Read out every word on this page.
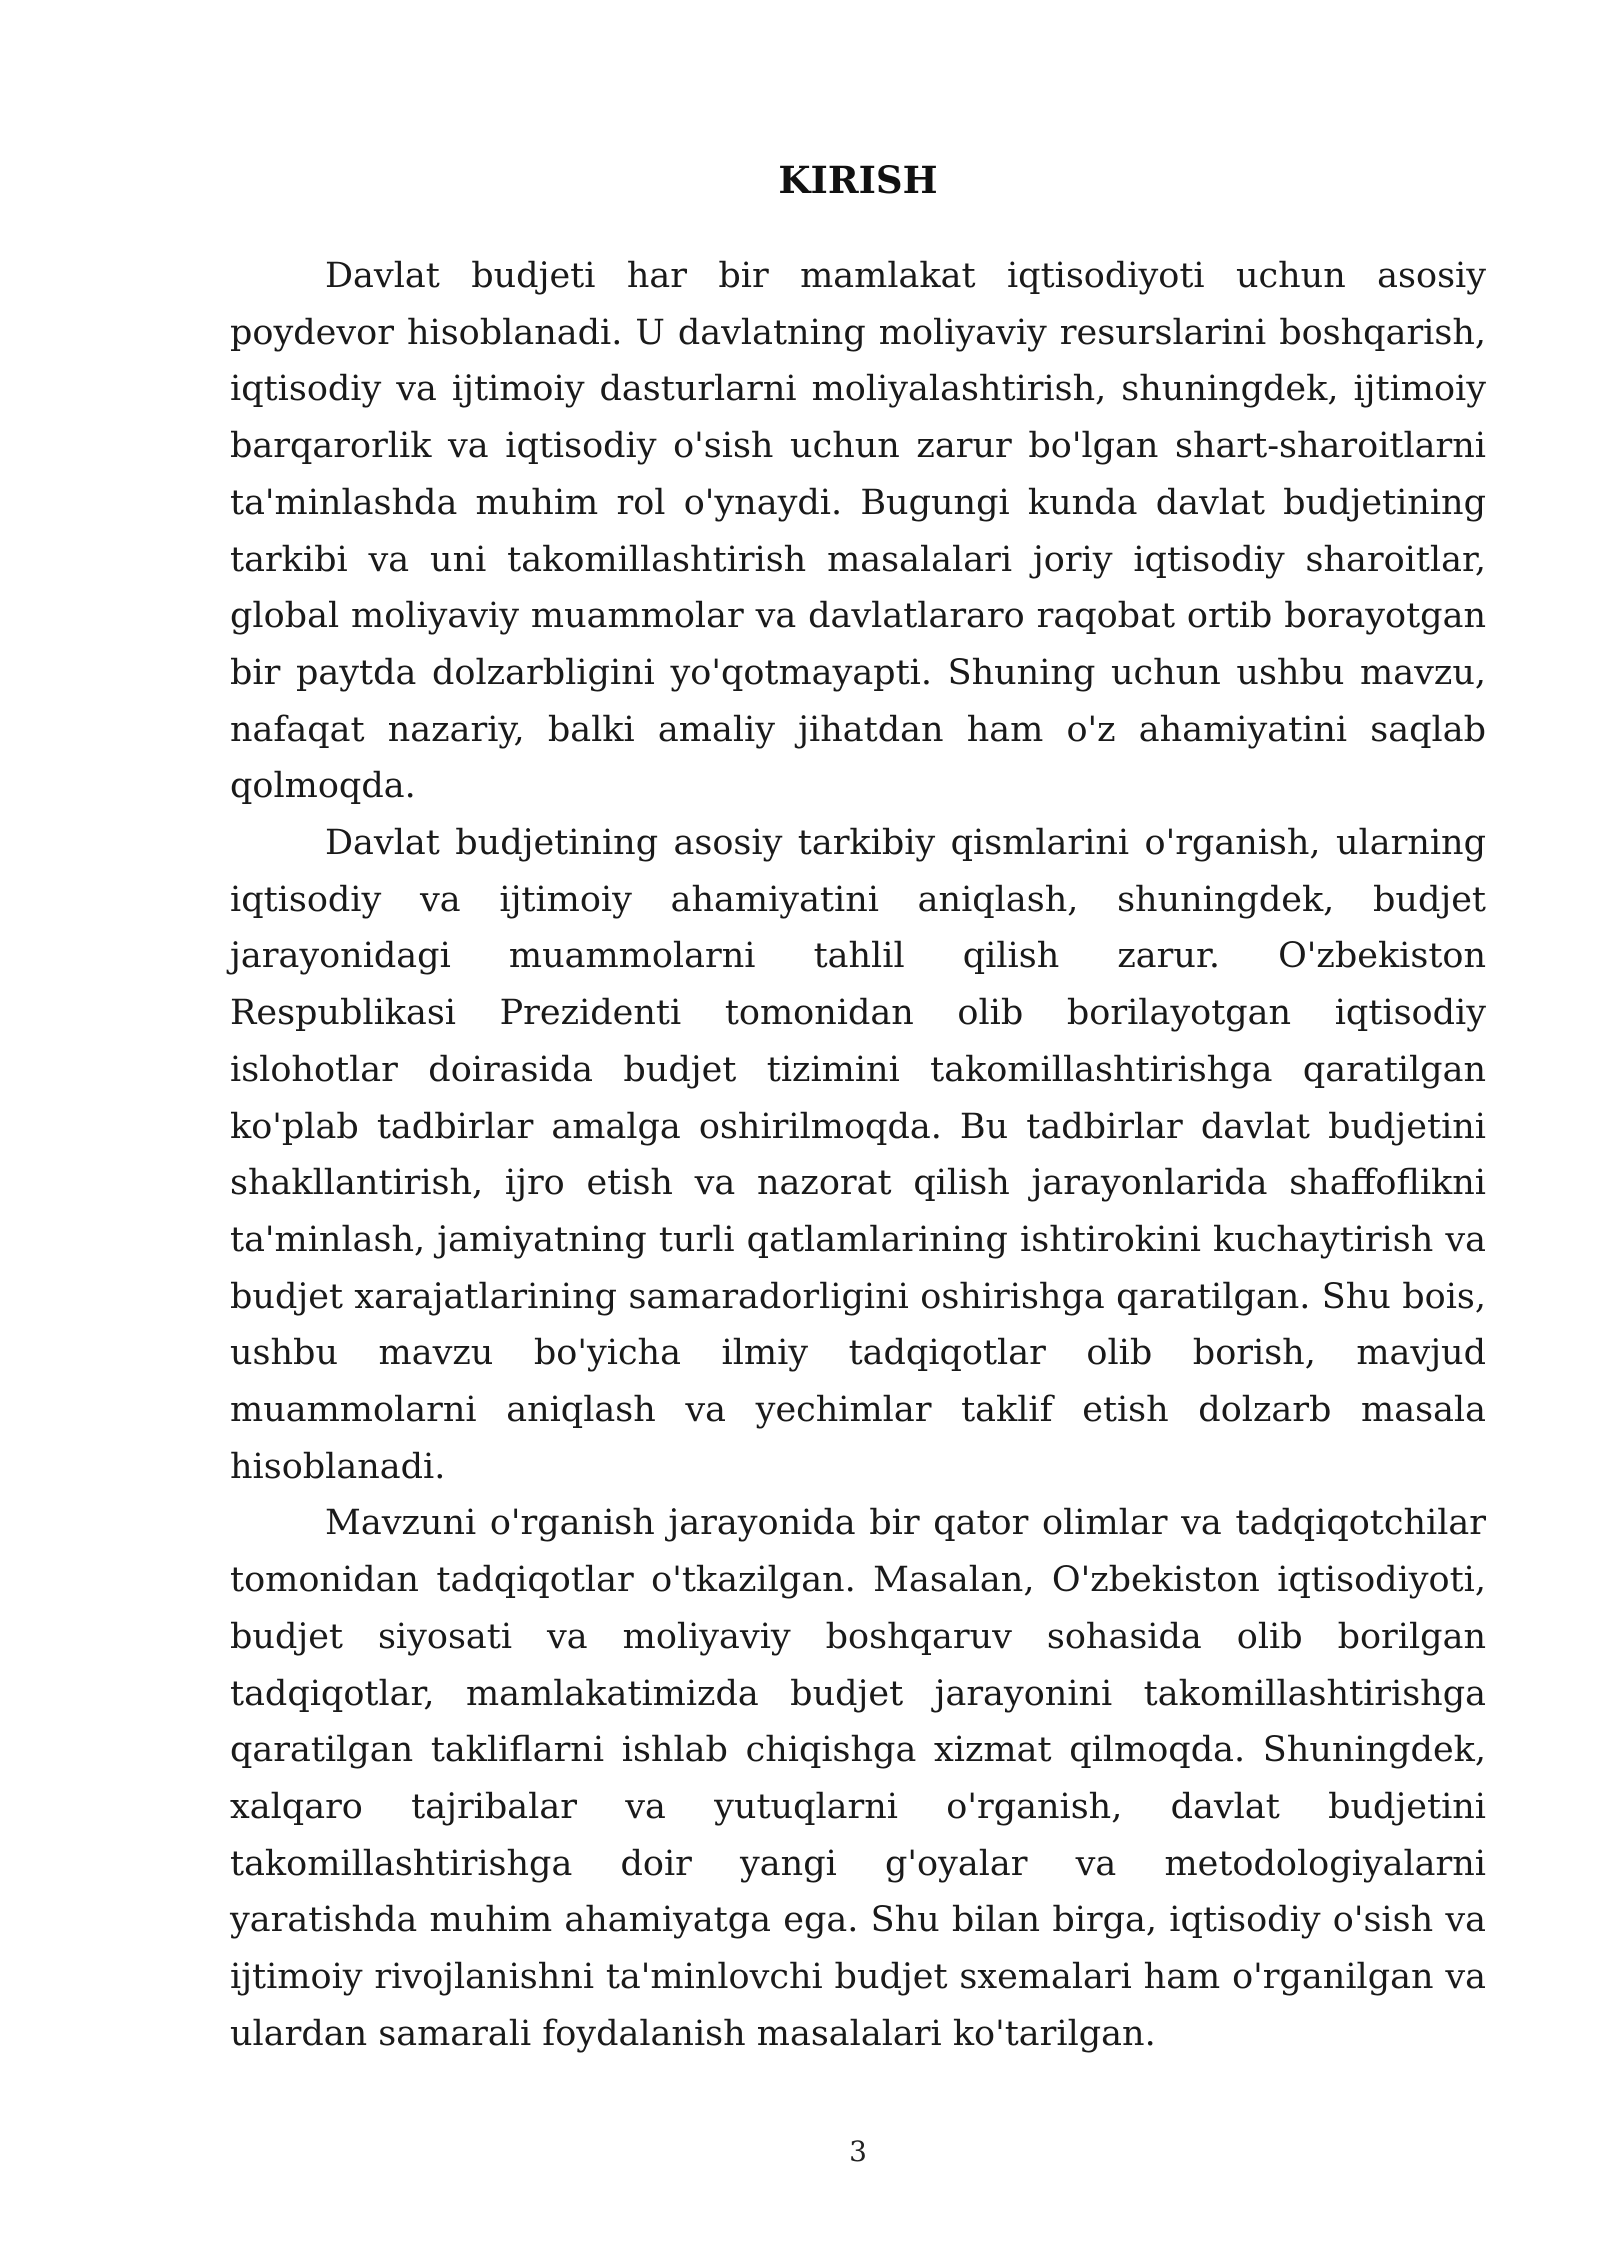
KIRISH

Davlat budjeti har bir mamlakat iqtisodiyoti uchun asosiy poydevor hisoblanadi. U davlatning moliyaviy resurslarini boshqarish, iqtisodiy va ijtimoiy dasturlarni moliyalashtirish, shuningdek, ijtimoiy barqarorlik va iqtisodiy o'sish uchun zarur bo'lgan shart-sharoitlarni ta'minlashda muhim rol o'ynaydi. Bugungi kunda davlat budjetining tarkibi va uni takomillashtirish masalalari joriy iqtisodiy sharoitlar, global moliyaviy muammolar va davlatlararo raqobat ortib borayotgan bir paytda dolzarbligini yo'qotmayapti. Shuning uchun ushbu mavzu, nafaqat nazariy, balki amaliy jihatdan ham o'z ahamiyatini saqlab qolmoqda.

Davlat budjetining asosiy tarkibiy qismlarini o'rganish, ularning iqtisodiy va ijtimoiy ahamiyatini aniqlash, shuningdek, budjet jarayonidagi muammolarni tahlil qilish zarur. O'zbekiston Respublikasi Prezidenti tomonidan olib borilayotgan iqtisodiy islohotlar doirasida budjet tizimini takomillashtirishga qaratilgan ko'plab tadbirlar amalga oshirilmoqda. Bu tadbirlar davlat budjetini shakllantirish, ijro etish va nazorat qilish jarayonlarida shaffoflikni ta'minlash, jamiyatning turli qatlamlarining ishtirokini kuchaytirish va budjet xarajatlarining samaradorligini oshirishga qaratilgan. Shu bois, ushbu mavzu bo'yicha ilmiy tadqiqotlar olib borish, mavjud muammolarni aniqlash va yechimlar taklif etish dolzarb masala hisoblanadi.

Mavzuni o'rganish jarayonida bir qator olimlar va tadqiqotchilar tomonidan tadqiqotlar o'tkazilgan. Masalan, O'zbekiston iqtisodiyoti, budjet siyosati va moliyaviy boshqaruv sohasida olib borilgan tadqiqotlar, mamlakatimizda budjet jarayonini takomillashtirishga qaratilgan takliflarni ishlab chiqishga xizmat qilmoqda. Shuningdek, xalqaro tajribalar va yutuqlarni o'rganish, davlat budjetini takomillashtirishga doir yangi g'oyalar va metodologiyalarni yaratishda muhim ahamiyatga ega. Shu bilan birga, iqtisodiy o'sish va ijtimoiy rivojlanishni ta'minlovchi budjet sxemalari ham o'rganilgan va ulardan samarali foydalanish masalalari ko'tarilgan.

3
